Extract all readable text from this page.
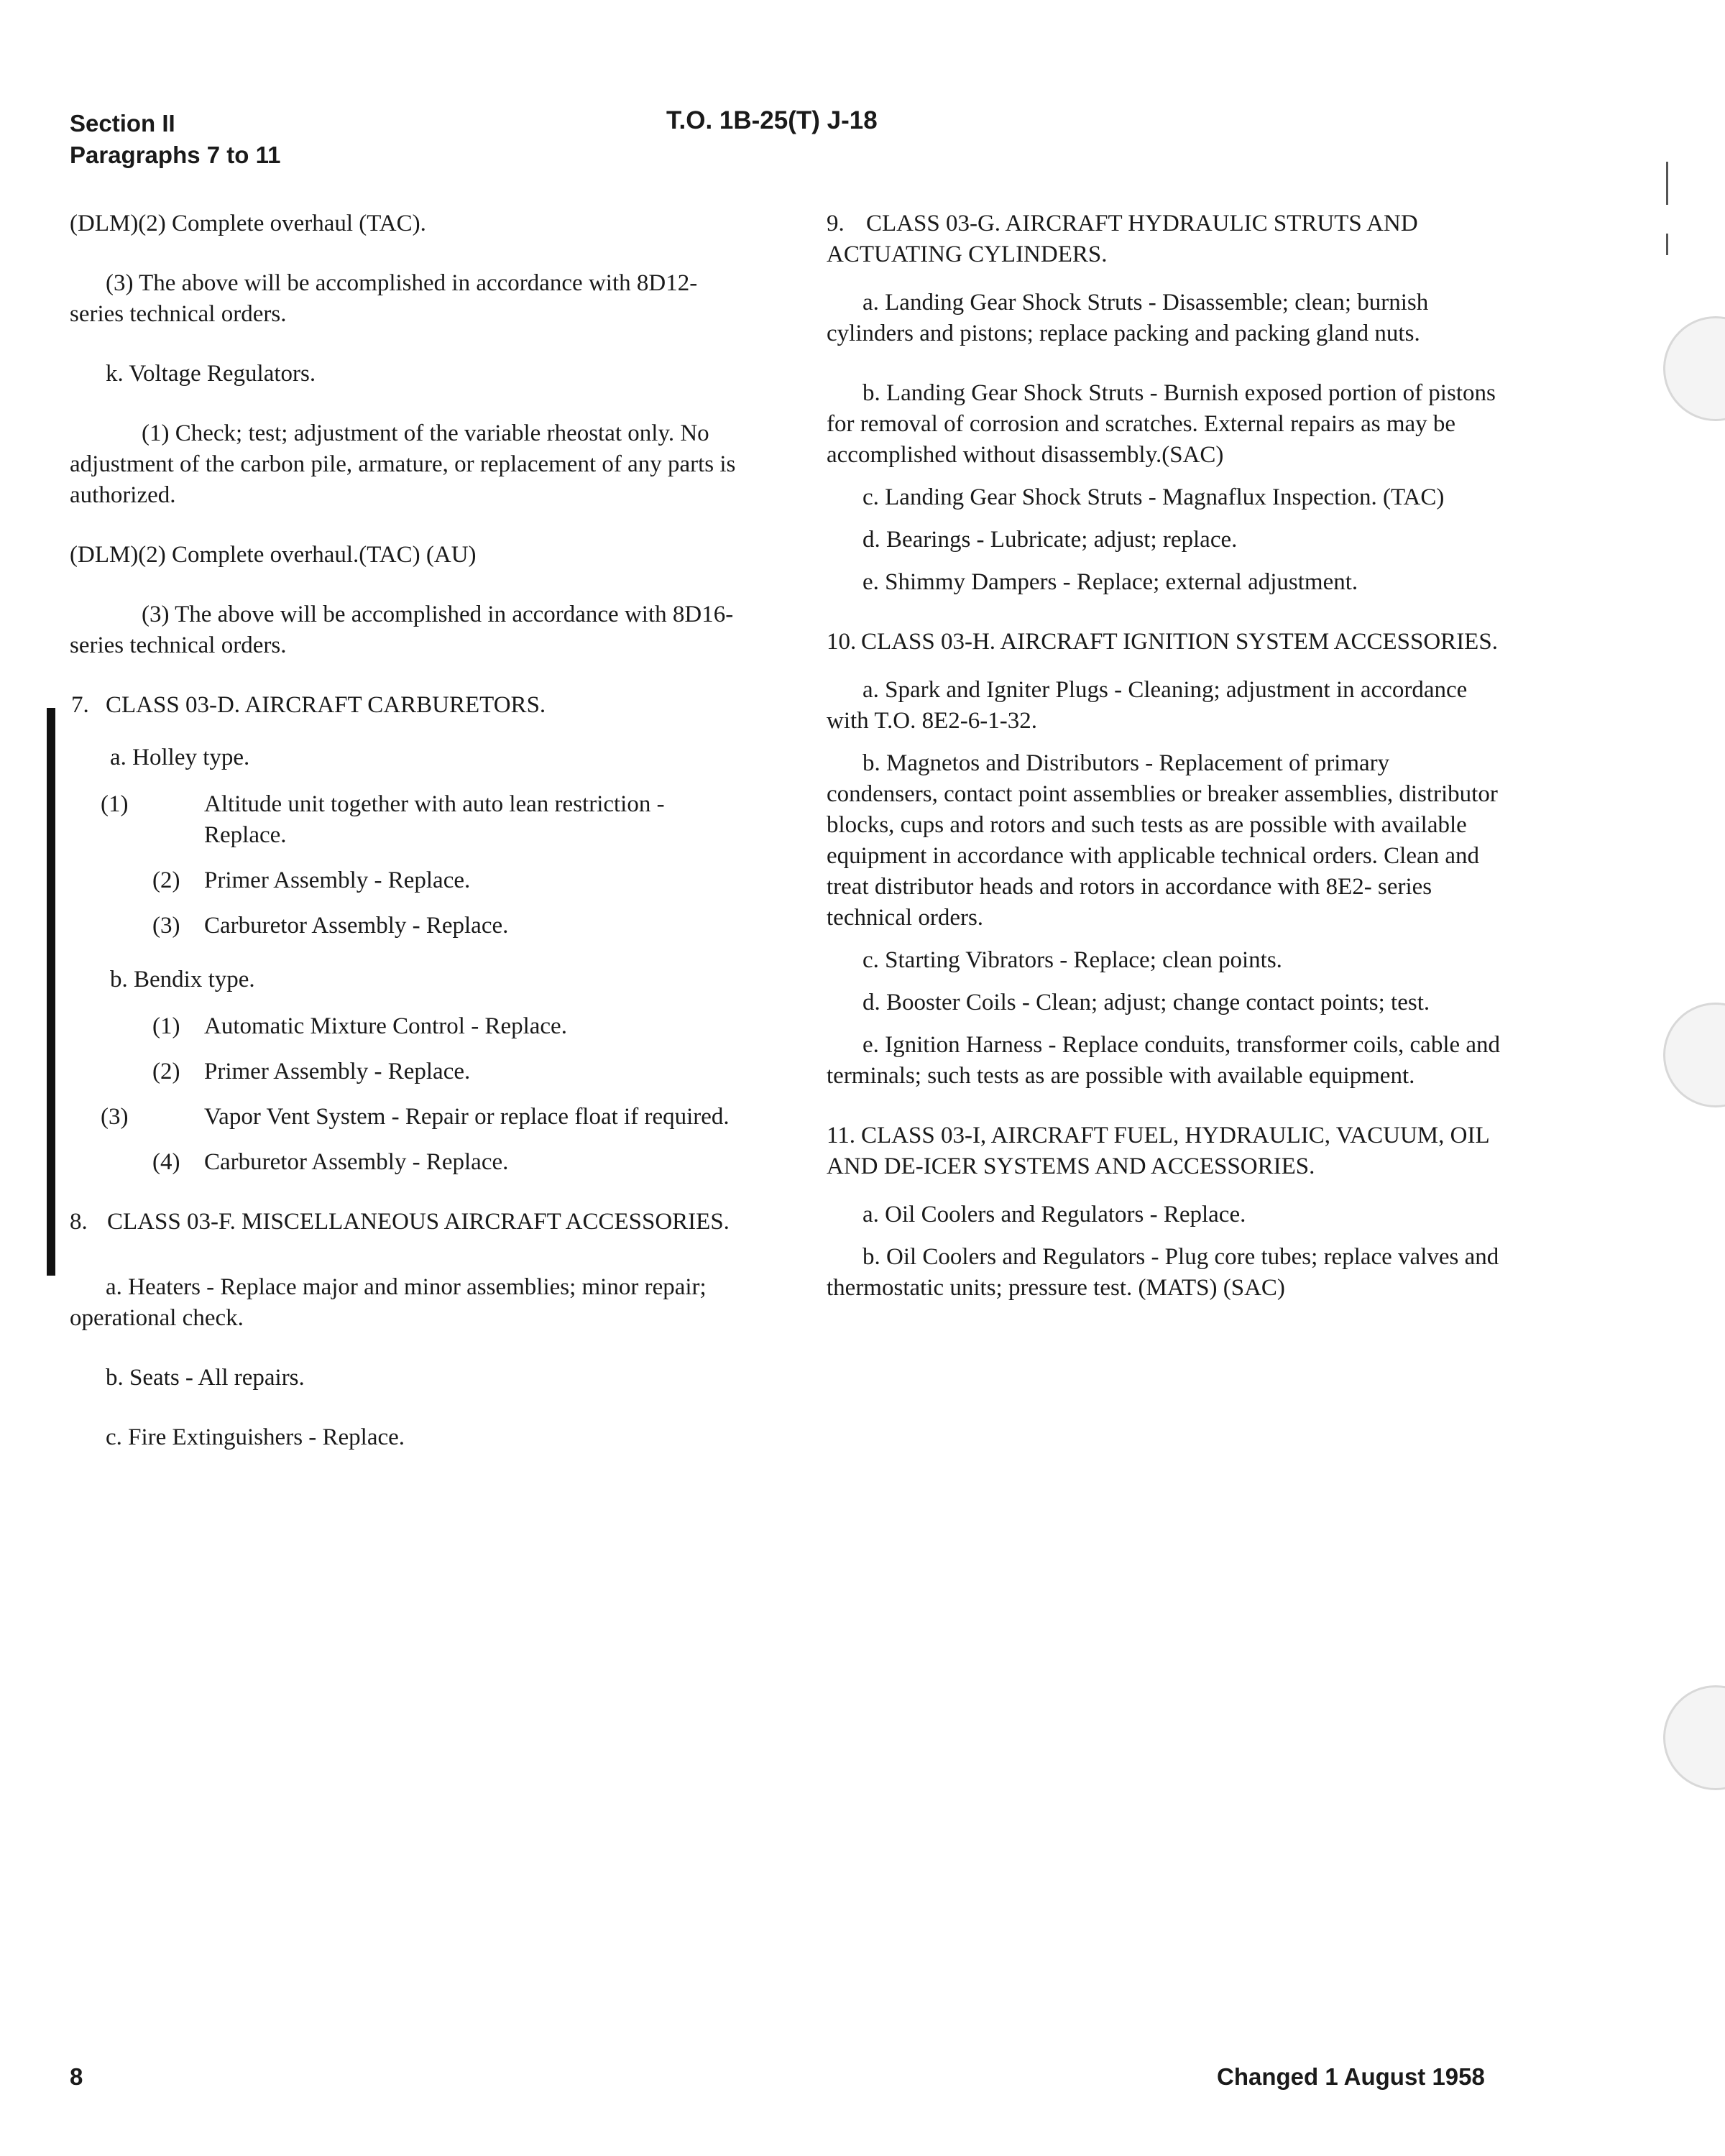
Section II
Paragraphs 7 to 11
T.O. 1B-25(T) J-18

(DLM)(2) Complete overhaul (TAC).

(3) The above will be accomplished in accordance with 8D12- series technical orders.

k. Voltage Regulators.

(1) Check; test; adjustment of the variable rheostat only. No adjustment of the carbon pile, armature, or replacement of any parts is authorized.

(DLM)(2) Complete overhaul.(TAC) (AU)

(3) The above will be accomplished in accordance with 8D16- series technical orders.

7. CLASS 03-D. AIRCRAFT CARBURETORS.

a. Holley type.

(1)	Altitude unit together with auto lean restriction - Replace.
(2) Primer Assembly - Replace.
(3) Carburetor Assembly - Replace.

b. Bendix type.

(1) Automatic Mixture Control - Replace.
(2) Primer Assembly - Replace.
(3)	Vapor Vent System - Repair or replace float if required.
(4) Carburetor Assembly - Replace.
8. CLASS 03-F. MISCELLANEOUS AIRCRAFT ACCESSORIES.

a. Heaters - Replace major and minor assemblies; minor repair; operational check.

b. Seats - All repairs.

c. Fire Extinguishers - Replace.

9. CLASS 03-G. AIRCRAFT HYDRAULIC STRUTS AND ACTUATING CYLINDERS.

a. Landing Gear Shock Struts - Disassemble; clean; burnish cylinders and pistons; replace packing and packing gland nuts.

b. Landing Gear Shock Struts - Burnish exposed portion of pistons for removal of corrosion and scratches. External repairs as may be accomplished without disassembly.(SAC)

c. Landing Gear Shock Struts - Magnaflux Inspection. (TAC)

d. Bearings - Lubricate; adjust; replace.

e. Shimmy Dampers - Replace; external adjustment.

10. CLASS 03-H. AIRCRAFT IGNITION SYSTEM ACCESSORIES.

a. Spark and Igniter Plugs - Cleaning; adjustment in accordance with T.O. 8E2-6-1-32.

b. Magnetos and Distributors - Replacement of primary condensers, contact point assemblies or breaker assemblies, distributor blocks, cups and rotors and such tests as are possible with available equipment in accordance with applicable technical orders. Clean and treat distributor heads and rotors in accordance with 8E2- series technical orders.

c. Starting Vibrators - Replace; clean points.

d. Booster Coils - Clean; adjust; change contact points; test.

e. Ignition Harness - Replace conduits, transformer coils, cable and terminals; such tests as are possible with available equipment.

11. CLASS 03-I, AIRCRAFT FUEL, HYDRAULIC, VACUUM, OIL AND DE-ICER SYSTEMS AND ACCESSORIES.

a. Oil Coolers and Regulators - Replace.

b. Oil Coolers and Regulators - Plug core tubes; replace valves and thermostatic units; pressure test. (MATS) (SAC)

8	Changed 1 August 1958
